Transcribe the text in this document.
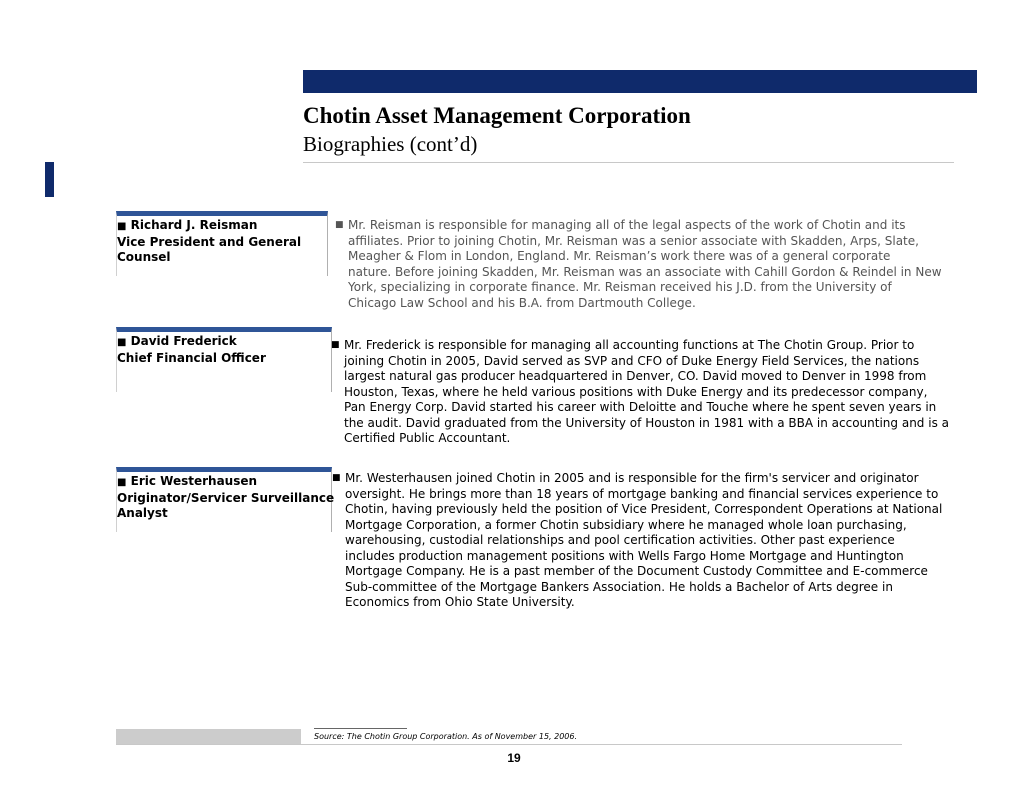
Chotin Asset Management Corporation
Biographies (cont’d)
■ Richard J. Reisman
Vice President and General
Counsel
■ Mr. Reisman is responsible for managing all of the legal aspects of the work of Chotin and its
affiliates. Prior to joining Chotin, Mr. Reisman was a senior associate with Skadden, Arps, Slate,
Meagher & Flom in London, England. Mr. Reisman’s work there was of a general corporate
nature. Before joining Skadden, Mr. Reisman was an associate with Cahill Gordon & Reindel in New
York, specializing in corporate finance. Mr. Reisman received his J.D. from the University of
Chicago Law School and his B.A. from Dartmouth College.
■ David Frederick
Chief Financial Officer
■ Mr. Frederick is responsible for managing all accounting functions at The Chotin Group. Prior to
joining Chotin in 2005, David served as SVP and CFO of Duke Energy Field Services, the nations
largest natural gas producer headquartered in Denver, CO. David moved to Denver in 1998 from
Houston, Texas, where he held various positions with Duke Energy and its predecessor company,
Pan Energy Corp. David started his career with Deloitte and Touche where he spent seven years in
the audit. David graduated from the University of Houston in 1981 with a BBA in accounting and is a
Certified Public Accountant.
■ Eric Westerhausen
Originator/Servicer Surveillance
Analyst
■ Mr. Westerhausen joined Chotin in 2005 and is responsible for the firm's servicer and originator
oversight. He brings more than 18 years of mortgage banking and financial services experience to
Chotin, having previously held the position of Vice President, Correspondent Operations at National
Mortgage Corporation, a former Chotin subsidiary where he managed whole loan purchasing,
warehousing, custodial relationships and pool certification activities. Other past experience
includes production management positions with Wells Fargo Home Mortgage and Huntington
Mortgage Company. He is a past member of the Document Custody Committee and E-commerce
Sub-committee of the Mortgage Bankers Association. He holds a Bachelor of Arts degree in
Economics from Ohio State University.
Source: The Chotin Group Corporation. As of November 15, 2006.
19
